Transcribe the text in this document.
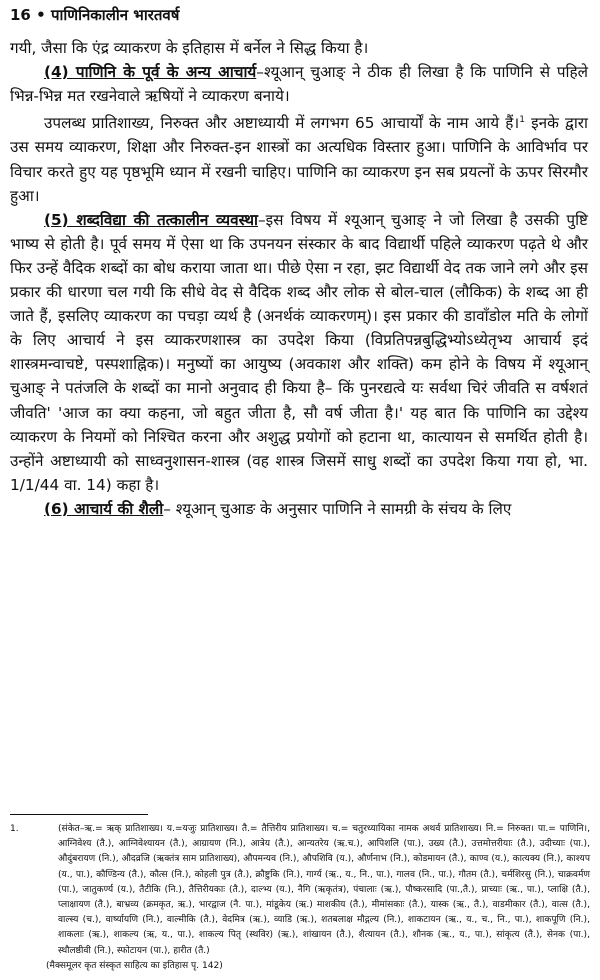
16 • पाणिनिकालीन भारतवर्ष

गयी, जैसा कि एंद्र व्याकरण के इतिहास में बर्नेल ने सिद्ध किया है।

(4) पाणिनि के पूर्व के अन्य आचार्य–श्यूआन् चुआङ् ने ठीक ही लिखा है कि पाणिनि से पहिले भिन्न-भिन्न मत रखनेवाले ऋषियों ने व्याकरण बनाये।

उपलब्ध प्रातिशाख्य, निरुक्त और अष्टाध्यायी में लगभग 65 आचार्यों के नाम आये हैं।$^1$ इनके द्वारा उस समय व्याकरण, शिक्षा और निरुक्त-इन शास्त्रों का अत्यधिक विस्तार हुआ। पाणिनि के आविर्भाव पर विचार करते हुए यह पृष्ठभूमि ध्यान में रखनी चाहिए। पाणिनि का व्याकरण इन सब प्रयत्नों के ऊपर सिरमौर हुआ।

(5) शब्दविद्या की तत्कालीन व्यवस्था–इस विषय में श्यूआन् चुआङ् ने जो लिखा है उसकी पुष्टि भाष्य से होती है। पूर्व समय में ऐसा था कि उपनयन संस्कार के बाद विद्यार्थी पहिले व्याकरण पढ़ते थे और फिर उन्हें वैदिक शब्दों का बोध कराया जाता था। पीछे ऐसा न रहा, झट विद्यार्थी वेद तक जाने लगे और इस प्रकार की धारणा चल गयी कि सीधे वेद से वैदिक शब्द और लोक से बोल-चाल (लौकिक) के शब्द आ ही जाते हैं, इसलिए व्याकरण का पचड़ा व्यर्थ है (अनर्थकं व्याकरणम्)। इस प्रकार की डावाँडोल मति के लोगों के लिए आचार्य ने इस व्याकरणशास्त्र का उपदेश किया (विप्रतिपन्नबुद्धिभ्योऽध्येतृभ्य आचार्य इदं शास्त्रमन्वाचष्टे, पस्पशाह्निक)। मनुष्यों का आयुष्य (अवकाश और शक्ति) कम होने के विषय में श्यूआन् चुआङ् ने पतंजलि के शब्दों का मानो अनुवाद ही किया है– किं पुनरद्यत्वे यः सर्वथा चिरं जीवति स वर्षशतं जीवति' 'आज का क्या कहना, जो बहुत जीता है, सौ वर्ष जीता है।' यह बात कि पाणिनि का उद्देश्य व्याकरण के नियमों को निश्चित करना और अशुद्ध प्रयोगों को हटाना था, कात्यायन से समर्थित होती है। उन्होंने अष्टाध्यायी को साध्वनुशासन-शास्त्र (वह शास्त्र जिसमें साधु शब्दों का उपदेश किया गया हो, भा. 1/1/44 वा. 14) कहा है।

(6) आचार्य की शैली– श्यूआन् चुआङ के अनुसार पाणिनि ने सामग्री के संचय के लिए

1.	(संकेत–ऋ.= ऋक् प्रातिशाख्य। य.=यजुः प्रातिशाख्य। तै.= तैत्तिरीय प्रातिशाख्य। च.= चतुरध्यायिका नामक अथर्व प्रातिशाख्य। नि.= निरुक्त। पा.= पाणिनि।, आग्निवेश्य (तै.), आग्निवेश्यायन (तै.), आग्रायण (नि.), आत्रेय (तै.), आन्यतरेय (ऋ.च.), आपिशलि (पा.), उख्य (तै.), उत्तमोत्तरीयाः (तै.), उदीच्याः (पा.), औदुंबरायण (नि.), औदव्रजि (ऋक्तंत्र साम प्रातिशाख्य), औपमन्यव (नि.), औपशिवि (य.), और्णनाभ (नि.), कोडमायन (तै.), काण्व (य.), कात्यक्य (नि.), काश्यप (य., पा.), कौण्डिन्य (तै.), कौत्स (नि.), कोहली पुत्र (तै.), क्रौष्टुकि (नि.), गार्ग्य (ऋ., य., नि., पा.), गालव (नि., पा.), गौतम (तै.), चर्मशिरसु (नि.), चाक्रवर्मण (पा.), जातुकर्ण्य (य.), तैटीकि (नि.), तैत्तिरीयकाः (तै.), दाल्भ्य (य.), नैगि (ऋकृतंत्र), पंचालाः (ऋ.), पौष्करसादि (पा.,तै.), प्राच्याः (ऋ., पा.), प्लाक्षि (तै.), प्लाक्षायण (तै.), बाभ्रव्य (क्रमकृत, ऋ.), भारद्वाज (नै. पा.), मांडूकेय (ऋ.) माशकीय (तै.), मीमांसकाः (तै.), यास्क (ऋ., तै.), वाडमीकार (तै.), वात्स (तै.), वाल्स्य (च.), वार्ष्यायणि (नि.), वाल्मीकि (तै.), वेदमित्र (ऋ.), व्याडि (ऋ.), शतबलाक्ष मौद्गल्य (नि.), शाकटायन (ऋ., य., च., नि., पा.), शाकपूणि (नि.), शाकलाः (ऋ.), शाकल्य (ऋ, य., पा.), शाकल्य पितृ (स्थविर) (ऋ.), शांखायन (तै.), शैत्यायन (तै.), शौनक (ऋ., य., पा.), सांकृत्य (तै.), सेनक (पा.), स्थौलष्ठीवी (नि.), स्फोटायन (पा.), हारीत (तै.)
(मैक्समूलर कृत संस्कृत साहित्य का इतिहास पृ. 142)
